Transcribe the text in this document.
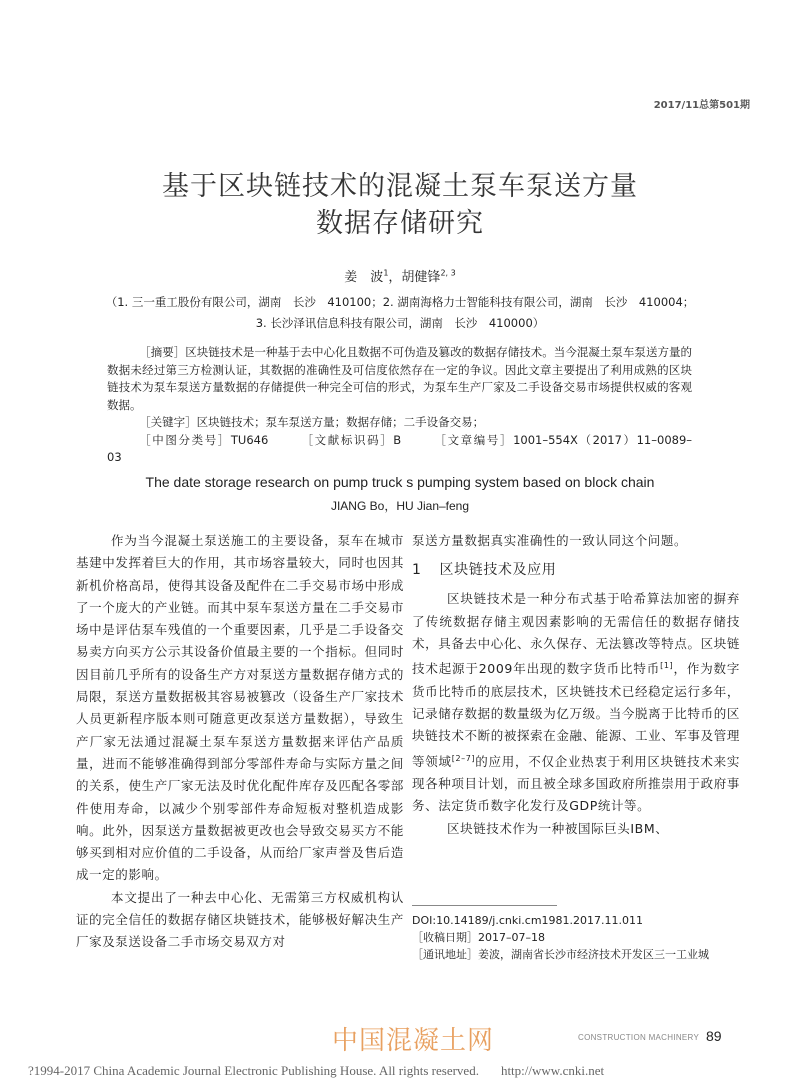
2017/11总第501期
基于区块链技术的混凝土泵车泵送方量
数据存储研究
姜　波$^1$，胡健锋$^{2, 3}$
（1. 三一重工股份有限公司，湖南　长沙　410100；2. 湖南海格力士智能科技有限公司，湖南　长沙　410004；
3. 长沙泽讯信息科技有限公司，湖南　长沙　410000）

［摘要］区块链技术是一种基于去中心化且数据不可伪造及篡改的数据存储技术。当今混凝土泵车泵送方量的数据未经过第三方检测认证，其数据的准确性及可信度依然存在一定的争议。因此文章主要提出了利用成熟的区块链技术为泵车泵送方量数据的存储提供一种完全可信的形式，为泵车生产厂家及二手设备交易市场提供权威的客观数据。

［关键字］区块链技术；泵车泵送方量；数据存储；二手设备交易；

［中图分类号］TU646	［文献标识码］B	［文章编号］1001–554X（2017）11–0089–03

The date storage research on pump truck s pumping system based on block chain
JIANG Bo，HU Jian–feng

作为当今混凝土泵送施工的主要设备，泵车在城市基建中发挥着巨大的作用，其市场容量较大，同时也因其新机价格高昂，使得其设备及配件在二手交易市场中形成了一个庞大的产业链。而其中泵车泵送方量在二手交易市场中是评估泵车残值的一个重要因素，几乎是二手设备交易卖方向买方公示其设备价值最主要的一个指标。但同时因目前几乎所有的设备生产方对泵送方量数据存储方式的局限，泵送方量数据极其容易被篡改（设备生产厂家技术人员更新程序版本则可随意更改泵送方量数据），导致生产厂家无法通过混凝土泵车泵送方量数据来评估产品质量，进而不能够准确得到部分零部件寿命与实际方量之间的关系，使生产厂家无法及时优化配件库存及匹配各零部件使用寿命，以减少个别零部件寿命短板对整机造成影响。此外，因泵送方量数据被更改也会导致交易买方不能够买到相对应价值的二手设备，从而给厂家声誉及售后造成一定的影响。

本文提出了一种去中心化、无需第三方权威机构认证的完全信任的数据存储区块链技术，能够极好解决生产厂家及泵送设备二手市场交易双方对

泵送方量数据真实准确性的一致认同这个问题。

1 区块链技术及应用

区块链技术是一种分布式基于哈希算法加密的摒弃了传统数据存储主观因素影响的无需信任的数据存储技术，具备去中心化、永久保存、无法篡改等特点。区块链技术起源于2009年出现的数字货币比特币[1]，作为数字货币比特币的底层技术，区块链技术已经稳定运行多年，记录储存数据的数量级为亿万级。当今脱离于比特币的区块链技术不断的被探索在金融、能源、工业、军事及管理等领域[2–7]的应用，不仅企业热衷于利用区块链技术来实现各种项目计划，而且被全球多国政府所推崇用于政府事务、法定货币数字化发行及GDP统计等。

区块链技术作为一种被国际巨头IBM、

DOI:10.14189/j.cnki.cm1981.2017.11.011

［收稿日期］2017–07–18

［通讯地址］姜波，湖南省长沙市经济技术开发区三一工业城

中国混凝土网	CONSTRUCTION MACHINERY 89
?1994-2017 China Academic Journal Electronic Publishing House. All rights reserved. http://www.cnki.net
